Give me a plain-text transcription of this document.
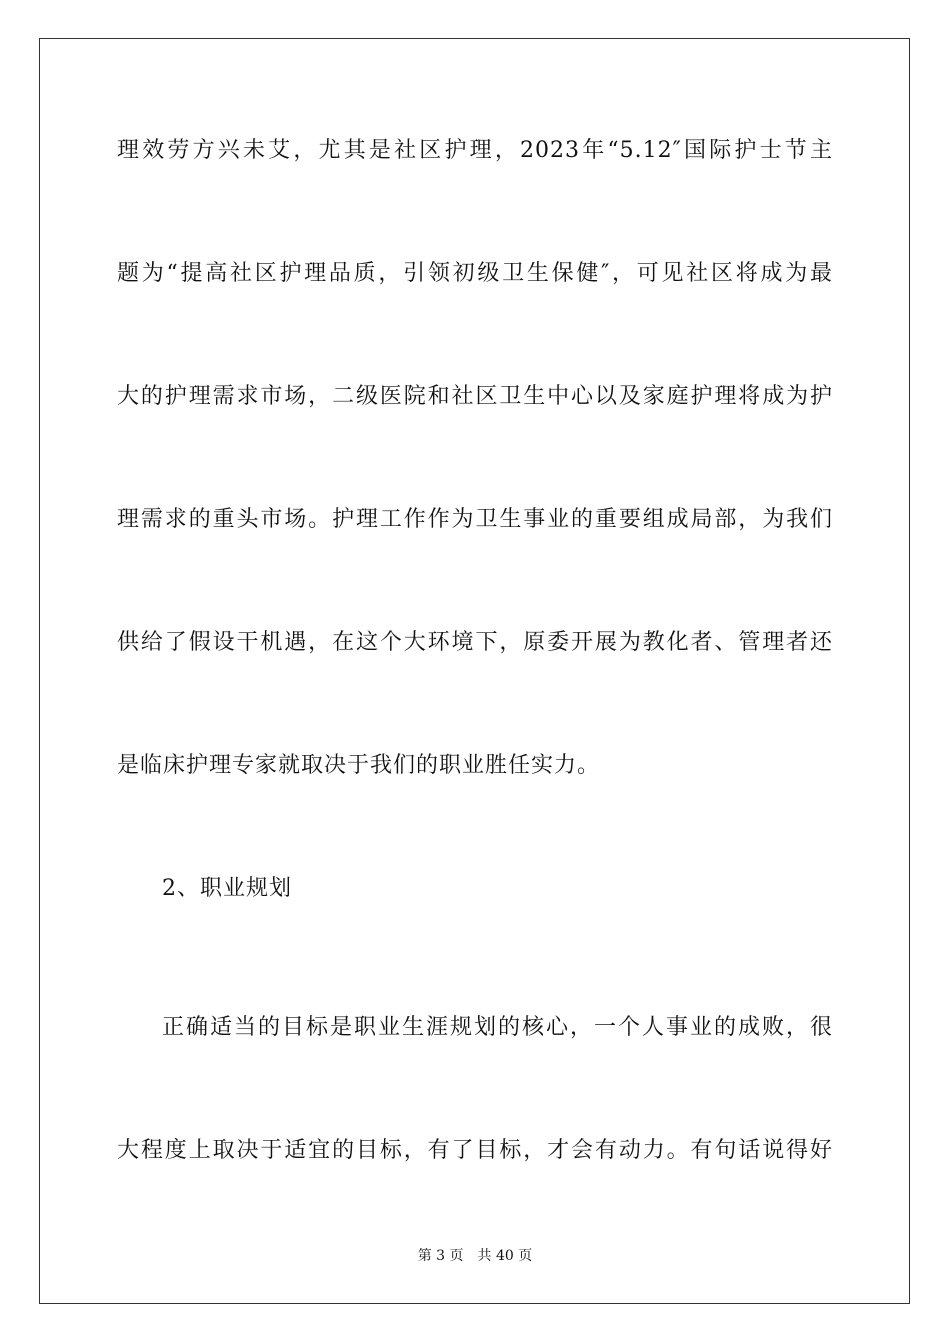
理效劳方兴未艾，尤其是社区护理，2023年“5.12″国际护士节主
题为“提高社区护理品质，引领初级卫生保健″，可见社区将成为最
大的护理需求市场，二级医院和社区卫生中心以及家庭护理将成为护
理需求的重头市场。护理工作作为卫生事业的重要组成局部，为我们
供给了假设干机遇，在这个大环境下，原委开展为教化者、管理者还
是临床护理专家就取决于我们的职业胜任实力。
2、职业规划
正确适当的目标是职业生涯规划的核心，一个人事业的成败，很
大程度上取决于适宜的目标，有了目标，才会有动力。有句话说得好
第 3 页 共 40 页
